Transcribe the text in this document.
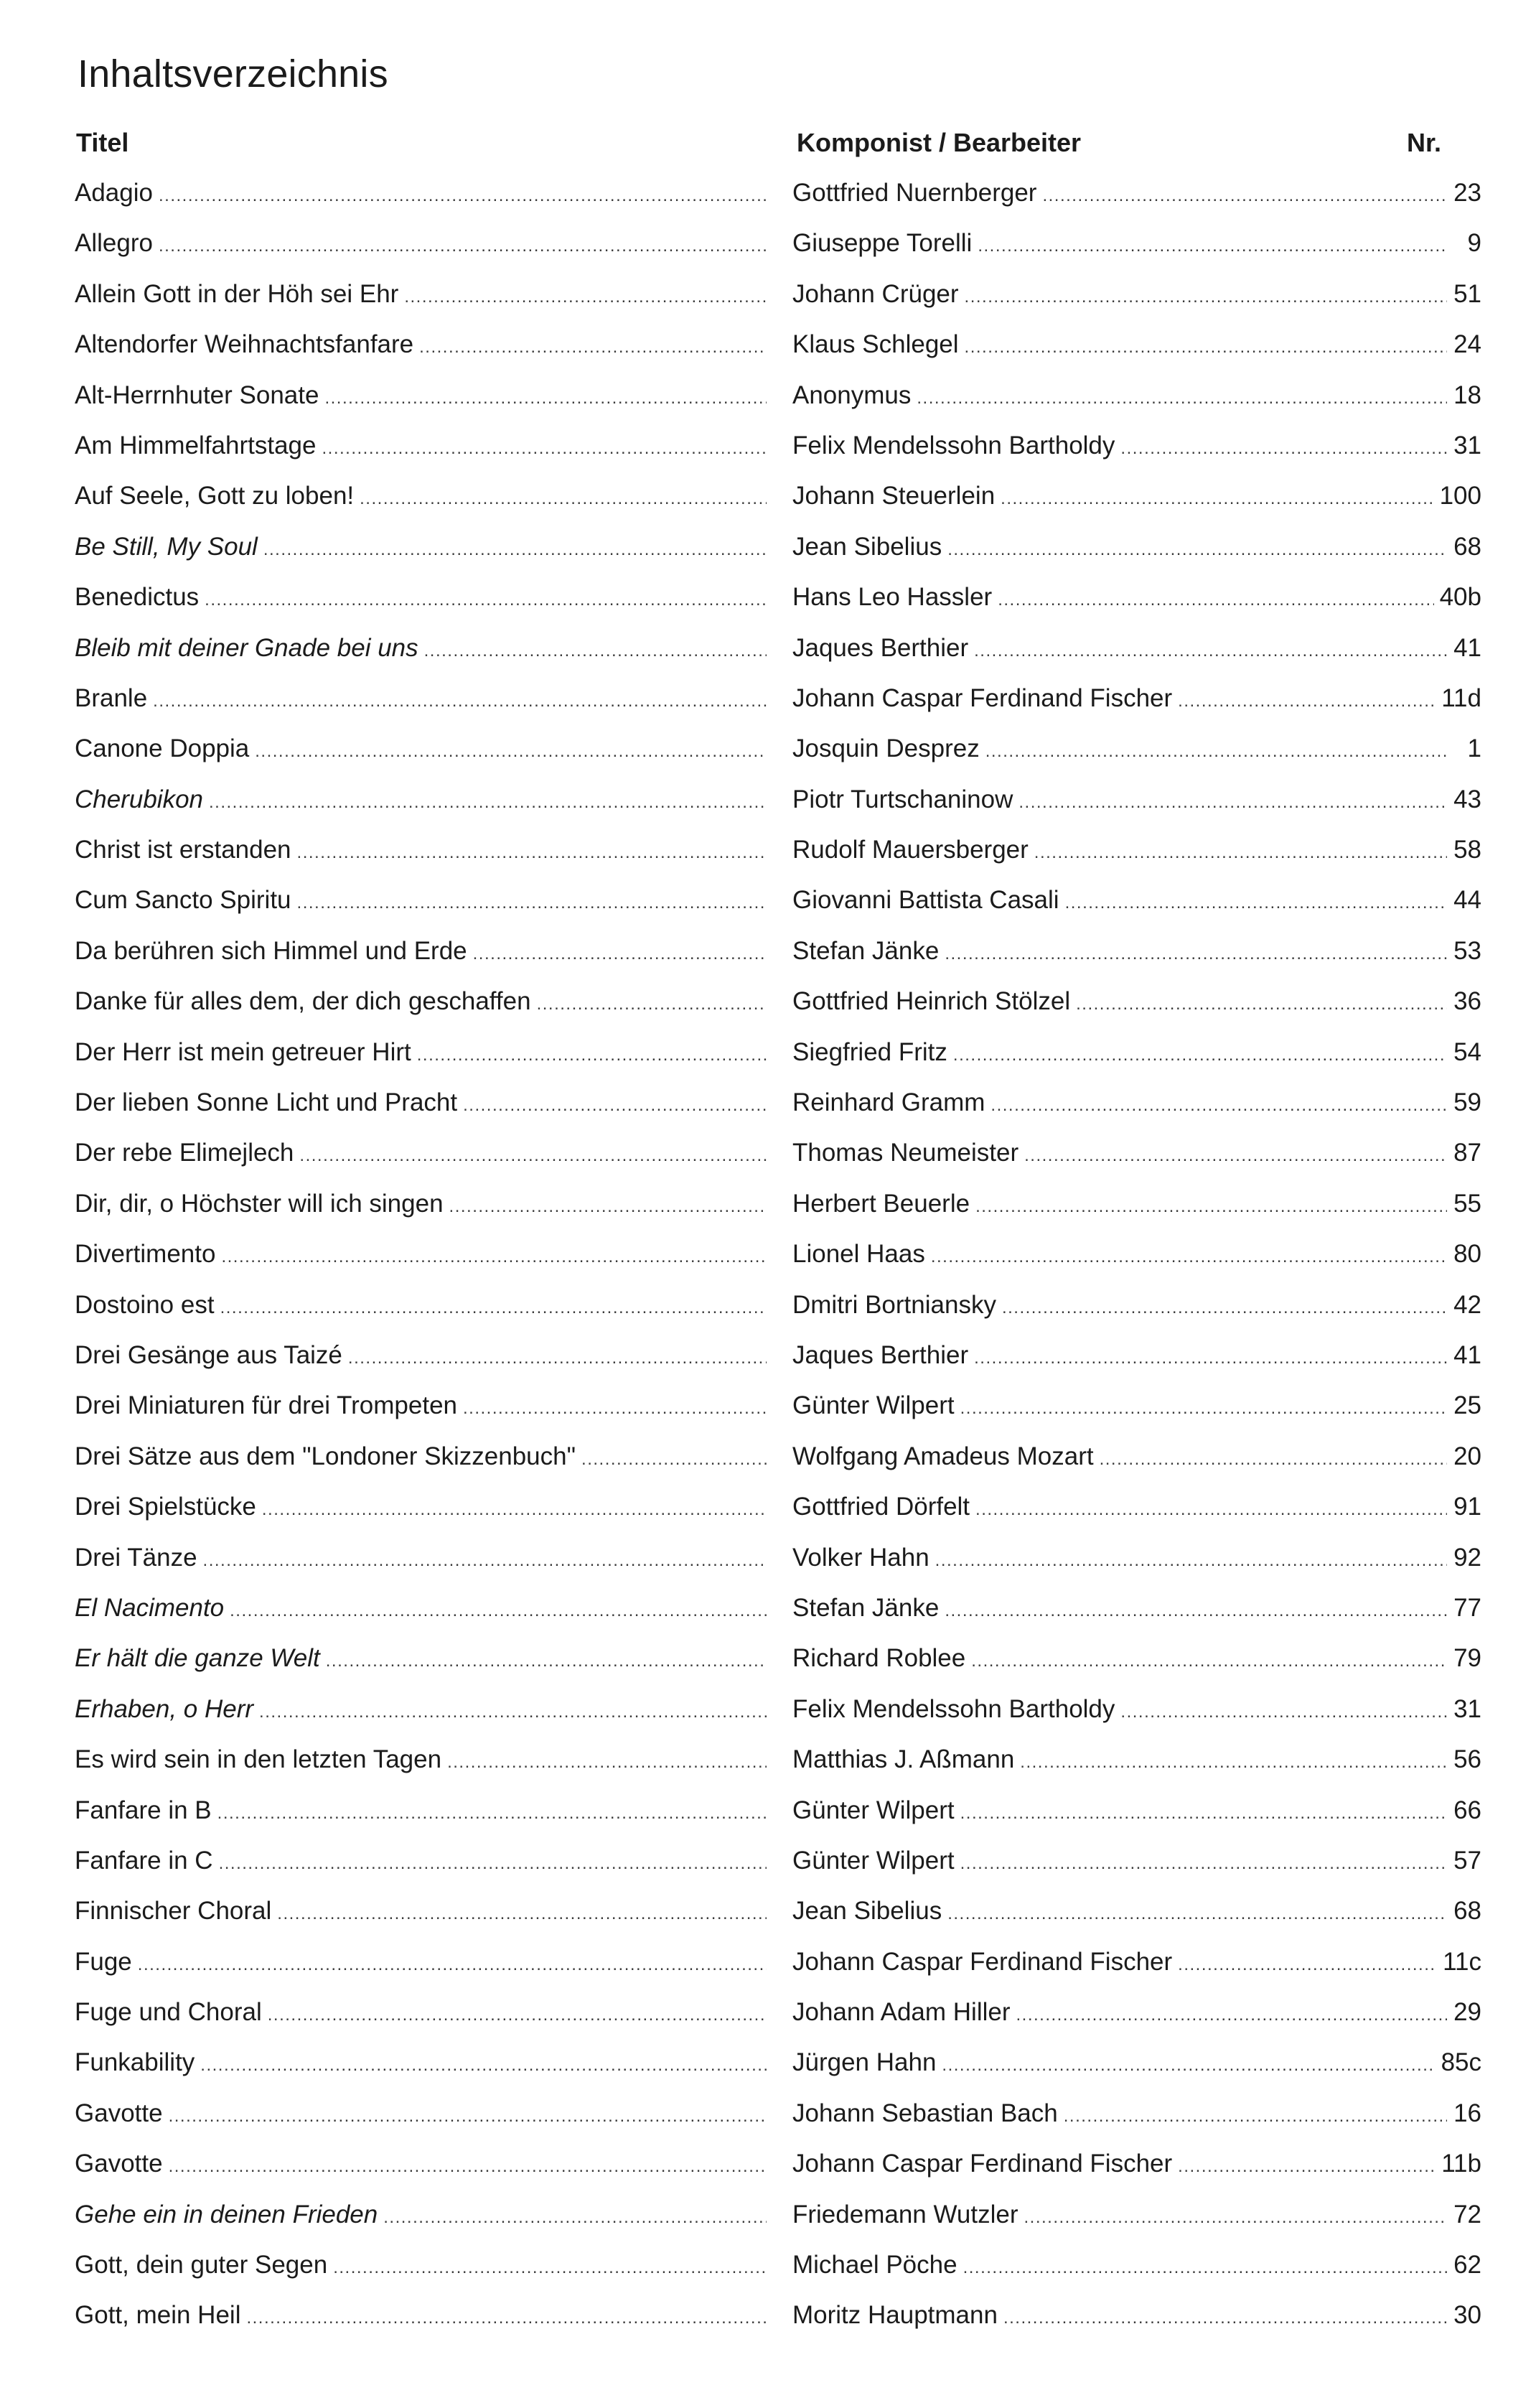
Inhaltsverzeichnis
Titel	Komponist / Bearbeiter	Nr.
Adagio .....	Gottfried Nuernberger .....	23
Allegro .....	Giuseppe Torelli .....	9
Allein Gott in der Höh sei Ehr .....	Johann Crüger .....	51
Altendorfer Weihnachtsfanfare .....	Klaus Schlegel .....	24
Alt-Herrnhuter Sonate .....	Anonymus .....	18
Am Himmelfahrtstage .....	Felix Mendelssohn Bartholdy .....	31
Auf Seele, Gott zu loben! .....	Johann Steuerlein .....	100
Be Still, My Soul .....	Jean Sibelius .....	68
Benedictus .....	Hans Leo Hassler .....	40b
Bleib mit deiner Gnade bei uns .....	Jaques Berthier .....	41
Branle .....	Johann Caspar Ferdinand Fischer .....	11d
Canone Doppia .....	Josquin Desprez .....	1
Cherubikon .....	Piotr Turtschaninow .....	43
Christ ist erstanden .....	Rudolf Mauersberger .....	58
Cum Sancto Spiritu .....	Giovanni Battista Casali .....	44
Da berühren sich Himmel und Erde .....	Stefan Jänke .....	53
Danke für alles dem, der dich geschaffen .....	Gottfried Heinrich Stölzel .....	36
Der Herr ist mein getreuer Hirt .....	Siegfried Fritz .....	54
Der lieben Sonne Licht und Pracht .....	Reinhard Gramm .....	59
Der rebe Elimejlech .....	Thomas Neumeister .....	87
Dir, dir, o Höchster will ich singen .....	Herbert Beuerle .....	55
Divertimento .....	Lionel Haas .....	80
Dostoino est .....	Dmitri Bortniansky .....	42
Drei Gesänge aus Taizé .....	Jaques Berthier .....	41
Drei Miniaturen für drei Trompeten .....	Günter Wilpert .....	25
Drei Sätze aus dem "Londoner Skizzenbuch" .....	Wolfgang Amadeus Mozart .....	20
Drei Spielstücke .....	Gottfried Dörfelt .....	91
Drei Tänze .....	Volker Hahn .....	92
El Nacimento .....	Stefan Jänke .....	77
Er hält die ganze Welt .....	Richard Roblee .....	79
Erhaben, o Herr .....	Felix Mendelssohn Bartholdy .....	31
Es wird sein in den letzten Tagen .....	Matthias J. Aßmann .....	56
Fanfare in B .....	Günter Wilpert .....	66
Fanfare in C .....	Günter Wilpert .....	57
Finnischer Choral .....	Jean Sibelius .....	68
Fuge .....	Johann Caspar Ferdinand Fischer .....	11c
Fuge und Choral .....	Johann Adam Hiller .....	29
Funkability .....	Jürgen Hahn .....	85c
Gavotte .....	Johann Sebastian Bach .....	16
Gavotte .....	Johann Caspar Ferdinand Fischer .....	11b
Gehe ein in deinen Frieden .....	Friedemann Wutzler .....	72
Gott, dein guter Segen .....	Michael Pöche .....	62
Gott, mein Heil .....	Moritz Hauptmann .....	30
